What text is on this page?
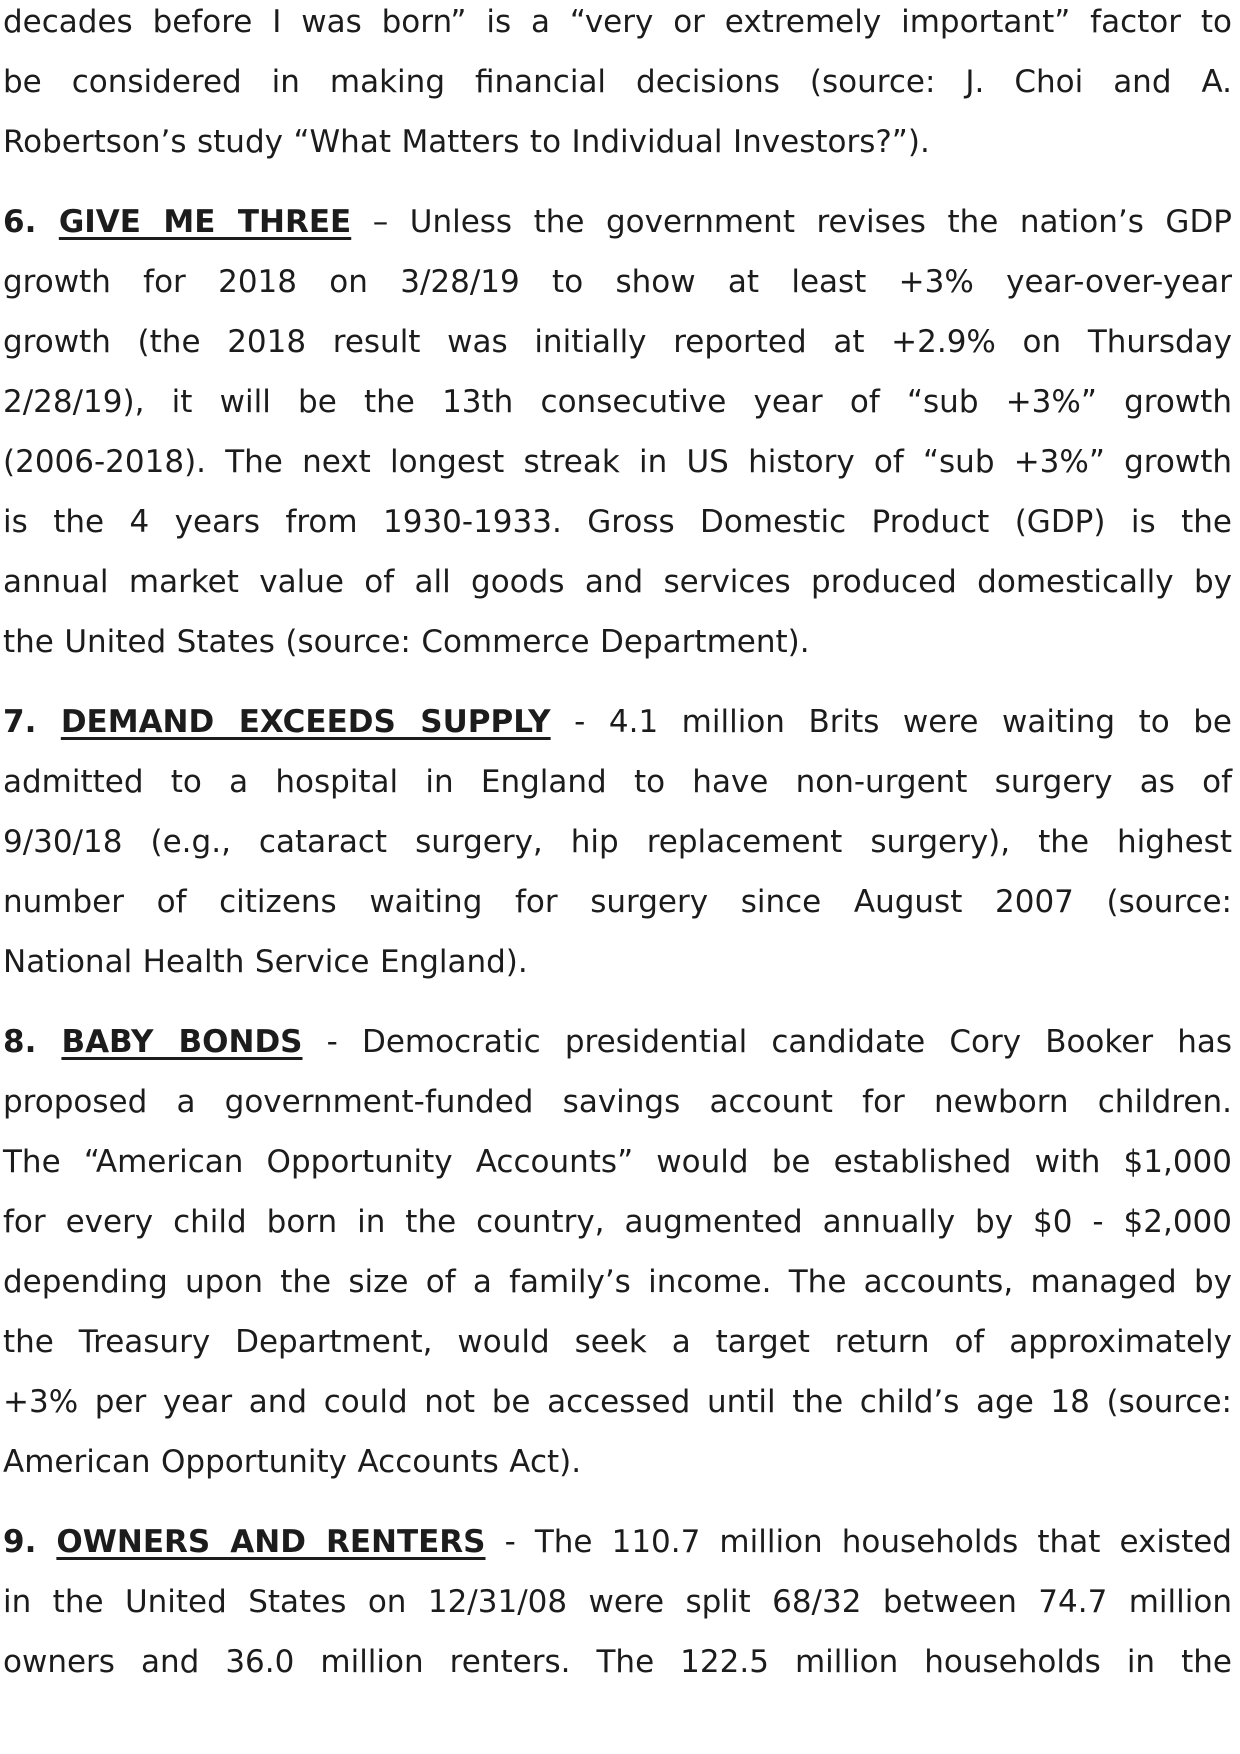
decades before I was born” is a “very or extremely important” factor to
be considered in making financial decisions (source: J. Choi and A.
Robertson’s study “What Matters to Individual Investors?”).
6. GIVE ME THREE – Unless the government revises the nation’s GDP
growth for 2018 on 3/28/19 to show at least +3% year-over-year
growth (the 2018 result was initially reported at +2.9% on Thursday
2/28/19), it will be the 13th consecutive year of “sub +3%” growth
(2006-2018). The next longest streak in US history of “sub +3%” growth
is the 4 years from 1930-1933. Gross Domestic Product (GDP) is the
annual market value of all goods and services produced domestically by
the United States (source: Commerce Department).
7. DEMAND EXCEEDS SUPPLY - 4.1 million Brits were waiting to be
admitted to a hospital in England to have non-urgent surgery as of
9/30/18 (e.g., cataract surgery, hip replacement surgery), the highest
number of citizens waiting for surgery since August 2007 (source:
National Health Service England).
8. BABY BONDS - Democratic presidential candidate Cory Booker has
proposed a government-funded savings account for newborn children.
The “American Opportunity Accounts” would be established with $1,000
for every child born in the country, augmented annually by $0 - $2,000
depending upon the size of a family’s income. The accounts, managed by
the Treasury Department, would seek a target return of approximately
+3% per year and could not be accessed until the child’s age 18 (source:
American Opportunity Accounts Act).
9. OWNERS AND RENTERS - The 110.7 million households that existed
in the United States on 12/31/08 were split 68/32 between 74.7 million
owners and 36.0 million renters. The 122.5 million households in the
